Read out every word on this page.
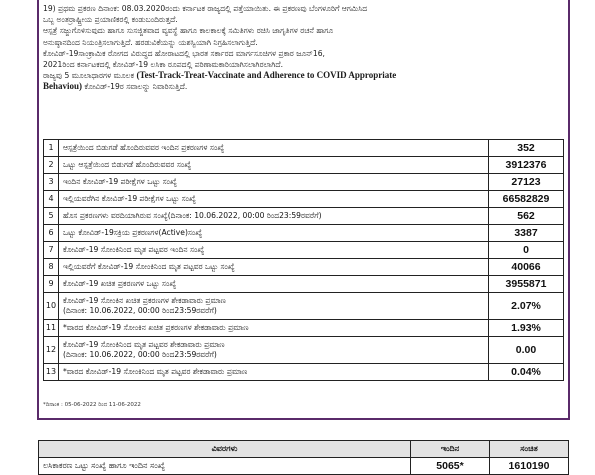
19) ಪ್ರಥಮ ಪ್ರಕರಣ ದಿನಾಂಕ: 08.03.2020ರಂದು ಕರ್ನಾಟಕ ರಾಜ್ಯದಲ್ಲಿ ಪತ್ತೆಯಾಯಿತು. ಈ ಪ್ರಕರಣವು ಬೆಂಗಳೂರಿಗೆ ಆಗಮಿಸಿದ

ಒಬ್ಬ ಅಂತರ್ರಾಷ್ಟ್ರೀಯ ಪ್ರಯಾಣಿಕರಲ್ಲಿ ಕಂಡುಬಂದಿರುತ್ತದೆ.

ಆಸ್ಪತ್ರೆ ಸಜ್ಜುಗೊಳಿಸುವುದು ಹಾಗೂ ಸುಸಜ್ಜಿತವಾದ ವ್ಯವಸ್ಥೆ ಹಾಗೂ ಕಾಲಕಾಲಕ್ಕೆ ಸಮಿತಿಗಳು ರಚಿಸಿ ಜಾಗೃತಿಗಳ ರಚನೆ ಹಾಗೂ

ಅನುಷ್ಠಾನದಿಂದ ನಿಯಂತ್ರಿಸಲಾಗುತ್ತಿದೆ. ಹರಡುವಿಕೆಯನ್ನು ಯಶಸ್ವಿಯಾಗಿ ನಿಗ್ರಹಿಸಲಾಗುತ್ತಿದೆ.

ಕೋವಿಡ್-19ಸಾಂಕ್ರಾಮಿಕ ರೋಗದ ವಿರುದ್ಧದ ಹೋರಾಟದಲ್ಲಿ ಭಾರತ ಸರ್ಕಾರದ ಮಾರ್ಗಸೂಚಿಗಳ ಪ್ರಕಾರ ಜೂನ್16,

2021ರಿಂದ ಕರ್ನಾಟಕದಲ್ಲಿ ಕೋವಿಡ್-19 ಲಸಿಕಾ ರೂಪದಲ್ಲಿ ಪರಿಣಾಮಕಾರಿಯಾಗಿಸಲಾಗಿರಲಾಗಿದೆ.

ರಾಜ್ಯವು 5 ಮೂಲಾಧಾರಗಳ ಮೂಲಕ (Test-Track-Treat-Vaccinate and Adherence to COVID Appropriate

Behaviou) ಕೋವಿಡ್-19ರ ಸವಾಲನ್ನು ನಿವಾರಿಸುತ್ತಿದೆ.

1	ಆಸ್ಪತ್ರೆಯಿಂದ ಬಿಡುಗಡೆ ಹೊಂದಿರುವವರ ಇಂದಿನ ಪ್ರಕರಣಗಳ ಸಂಖ್ಯೆ	352
2	ಒಟ್ಟು ಆಸ್ಪತ್ರೆಯಿಂದ ಬಿಡುಗಡೆ ಹೊಂದಿರುವವರ ಸಂಖ್ಯೆ	3912376
3	ಇಂದಿನ ಕೋವಿಡ್-19 ಪರೀಕ್ಷೆಗಳ ಒಟ್ಟು ಸಂಖ್ಯೆ	27123
4	ಇಲ್ಲಿಯವರೆಗಿನ ಕೋವಿಡ್-19 ಪರೀಕ್ಷೆಗಳ ಒಟ್ಟು ಸಂಖ್ಯೆ	66582829
5	ಹೊಸ ಪ್ರಕರಣಗಳು ವರದಿಯಾಗಿರುವ ಸಂಖ್ಯೆ(ದಿನಾಂಕ: 10.06.2022, 00:00 ರಿಂದ23:59ರವರೆಗೆ)	562
6	ಒಟ್ಟು ಕೋವಿಡ್-19ಸಕ್ರಿಯ ಪ್ರಕರಣಗಳ(Active)ಸಂಖ್ಯೆ	3387
7	ಕೋವಿಡ್-19 ಸೋಂಕಿನಿಂದ ಮೃತ ಪಟ್ಟವರ ಇಂದಿನ ಸಂಖ್ಯೆ	0
8	ಇಲ್ಲಿಯವರೆಗೆ ಕೋವಿಡ್-19 ಸೋಂಕಿನಿಂದ ಮೃತ ಪಟ್ಟವರ ಒಟ್ಟು ಸಂಖ್ಯೆ	40066
9	ಕೋವಿಡ್-19 ಖಚಿತ ಪ್ರಕರಣಗಳ ಒಟ್ಟು ಸಂಖ್ಯೆ	3955871
10	ಕೋವಿಡ್-19 ಸೋಂಕಿನ ಖಚಿತ ಪ್ರಕರಣಗಳ ಶೇಕಡಾವಾರು ಪ್ರಮಾಣ
(ದಿನಾಂಕ: 10.06.2022, 00:00 ರಿಂದ23:59ರವರೆಗೆ)	2.07%
11	*ವಾರದ ಕೋವಿಡ್-19 ಸೋಂಕಿನ ಖಚಿತ ಪ್ರಕರಣಗಳ ಶೇಕಡಾವಾರು ಪ್ರಮಾಣ	1.93%
12	ಕೋವಿಡ್-19 ಸೋಂಕಿನಿಂದ ಮೃತ ಪಟ್ಟವರ ಶೇಕಡಾವಾರು ಪ್ರಮಾಣ
(ದಿನಾಂಕ: 10.06.2022, 00:00 ರಿಂದ23:59ರವರೆಗೆ)	0.00
13	*ವಾರದ ಕೋವಿಡ್-19 ಸೋಂಕಿನಿಂದ ಮೃತ ಪಟ್ಟವರ ಶೇಕಡಾವಾರು ಪ್ರಮಾಣ	0.04%
*ದಿನಾಂಕ : 05-06-2022 ರಿಂದ 11-06-2022
ವಿವರಗಳು	ಇಂದಿನ	ಸಂಚಿತ
ಲಸಿಕಾಕರಣ ಒಟ್ಟು ಸಂಖ್ಯೆ ಹಾಗೂ ಇಂದಿನ ಸಂಖ್ಯೆ	5065*	1610190
